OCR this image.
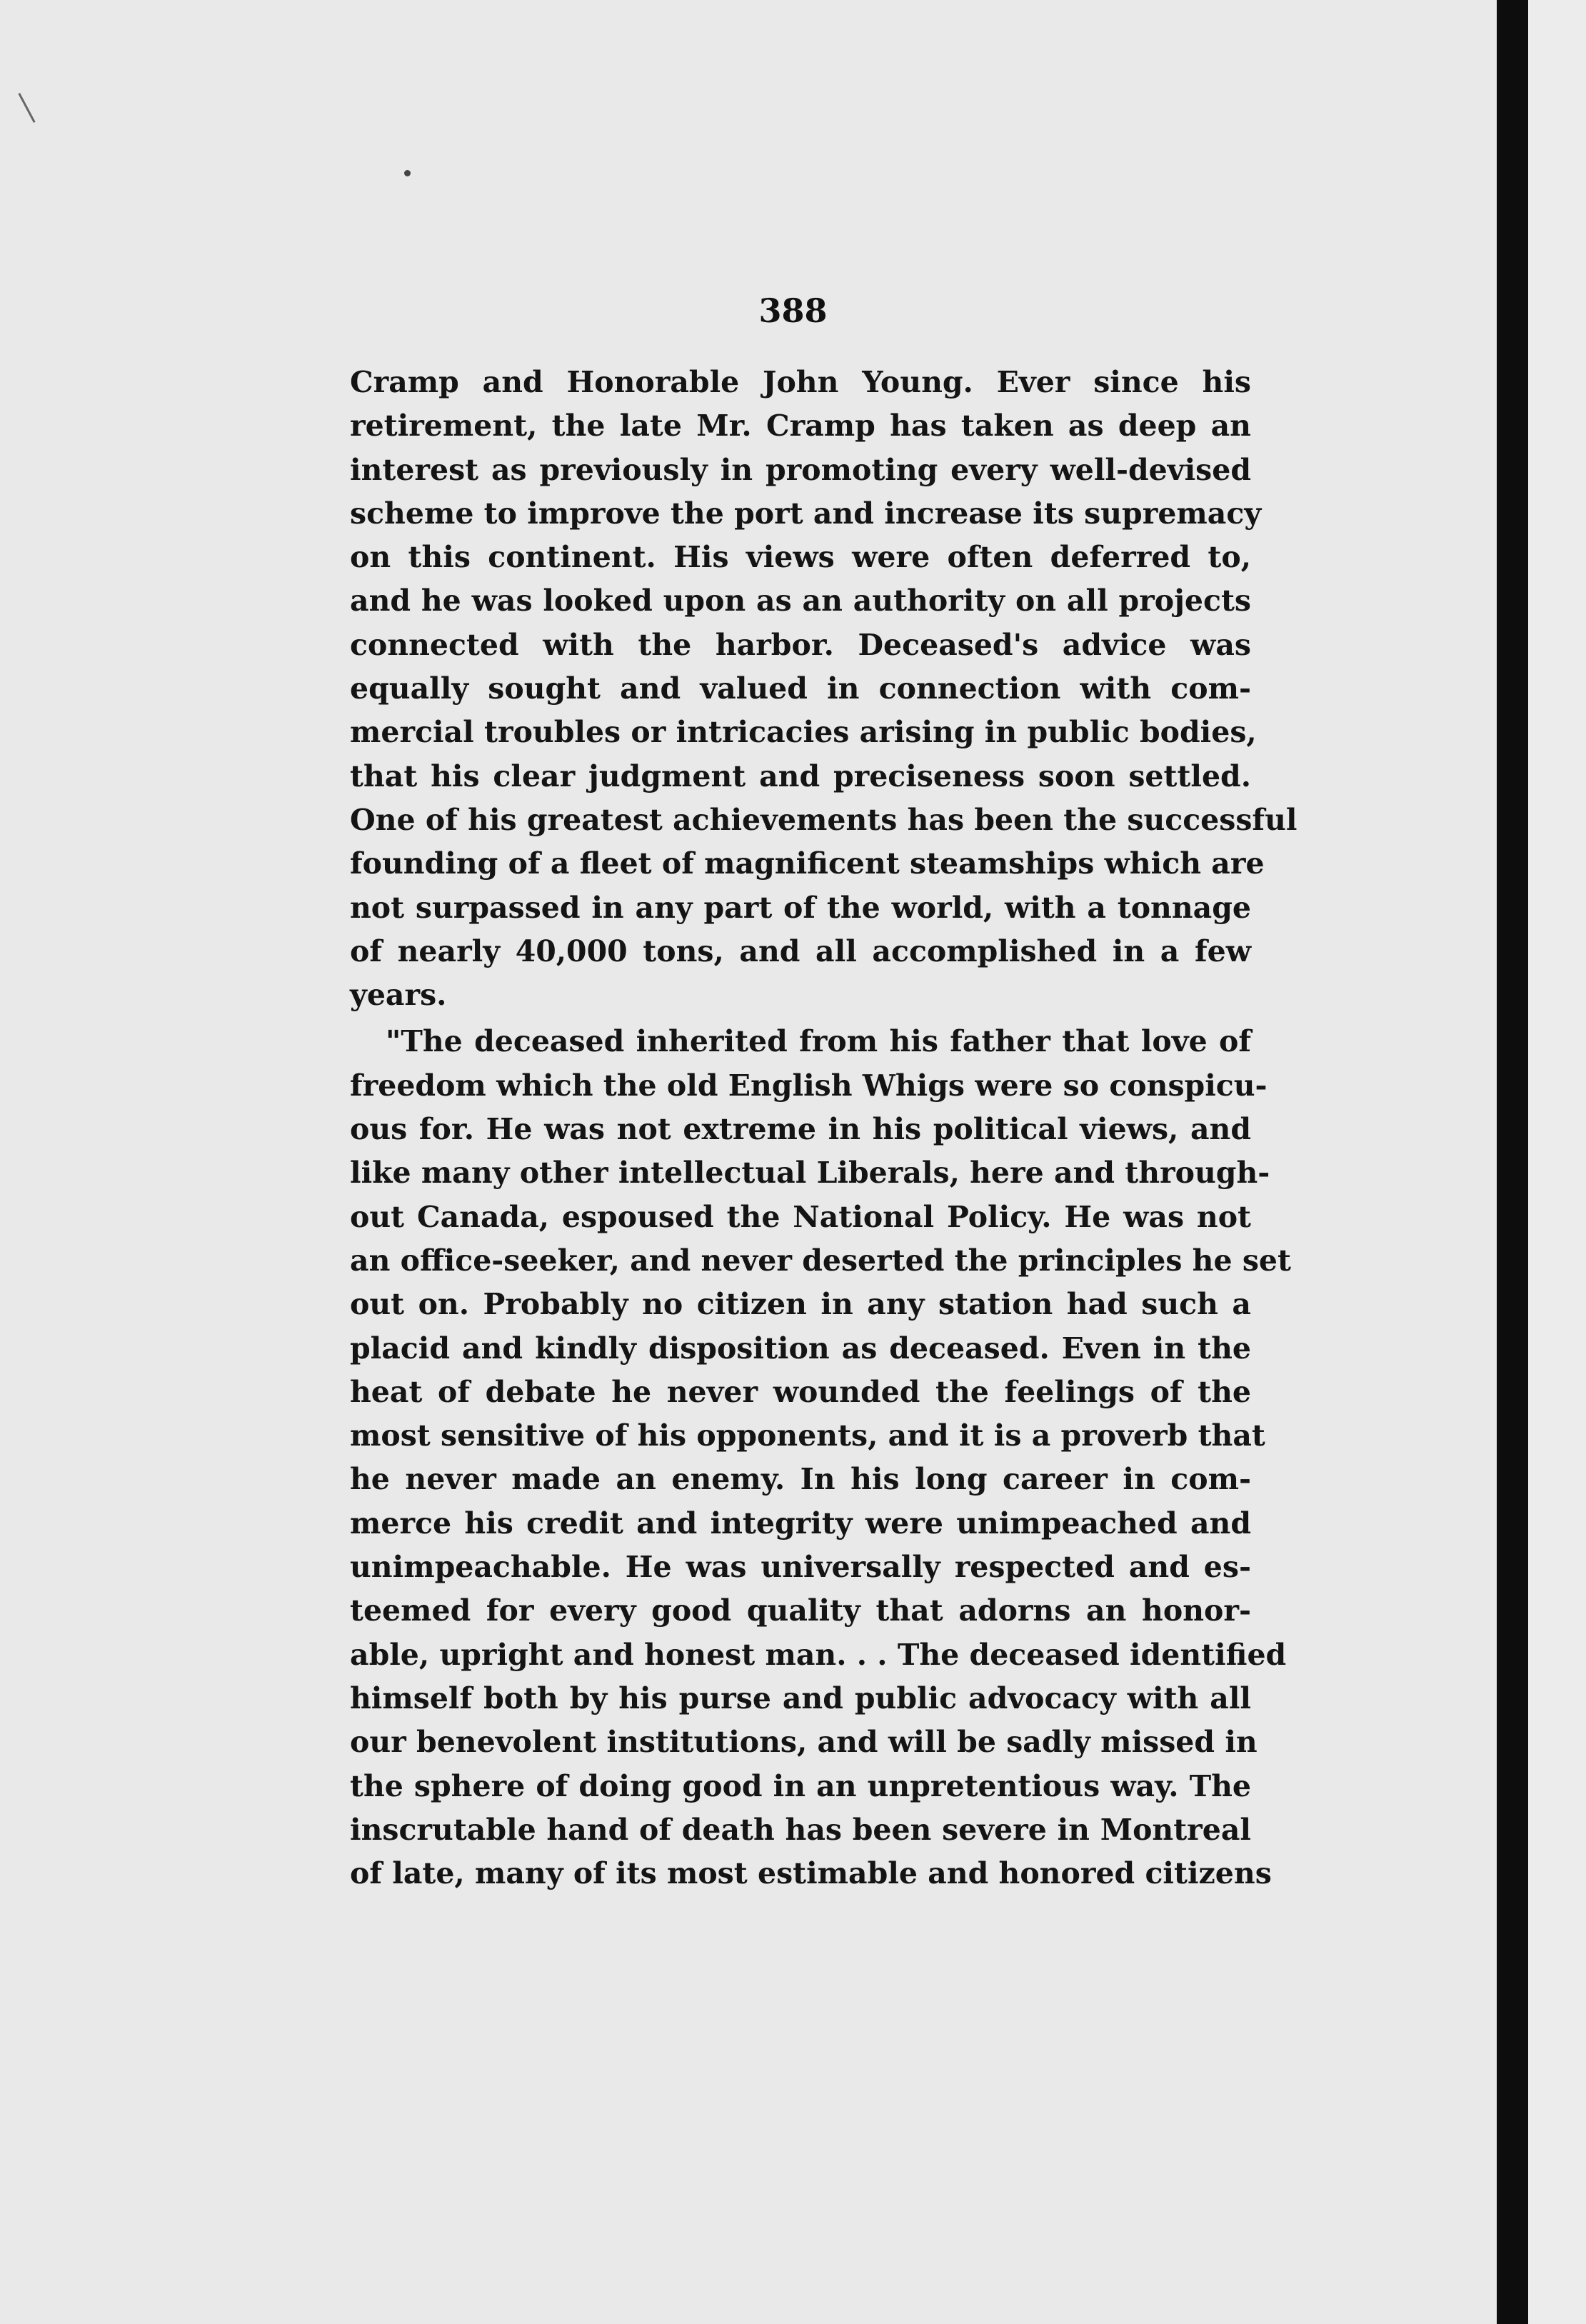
388
Cramp and Honorable John Young. Ever since his
retirement, the late Mr. Cramp has taken as deep an
interest as previously in promoting every well-devised
scheme to improve the port and increase its supremacy
on this continent. His views were often deferred to,
and he was looked upon as an authority on all projects
connected with the harbor. Deceased's advice was
equally sought and valued in connection with com-
mercial troubles or intricacies arising in public bodies,
that his clear judgment and preciseness soon settled.
One of his greatest achievements has been the successful
founding of a fleet of magnificent steamships which are
not surpassed in any part of the world, with a tonnage
of nearly 40,000 tons, and all accomplished in a few
years.
"The deceased inherited from his father that love of
freedom which the old English Whigs were so conspicu-
ous for. He was not extreme in his political views, and
like many other intellectual Liberals, here and through-
out Canada, espoused the National Policy. He was not
an office-seeker, and never deserted the principles he set
out on. Probably no citizen in any station had such a
placid and kindly disposition as deceased. Even in the
heat of debate he never wounded the feelings of the
most sensitive of his opponents, and it is a proverb that
he never made an enemy. In his long career in com-
merce his credit and integrity were unimpeached and
unimpeachable. He was universally respected and es-
teemed for every good quality that adorns an honor-
able, upright and honest man. . . The deceased identified
himself both by his purse and public advocacy with all
our benevolent institutions, and will be sadly missed in
the sphere of doing good in an unpretentious way. The
inscrutable hand of death has been severe in Montreal
of late, many of its most estimable and honored citizens
